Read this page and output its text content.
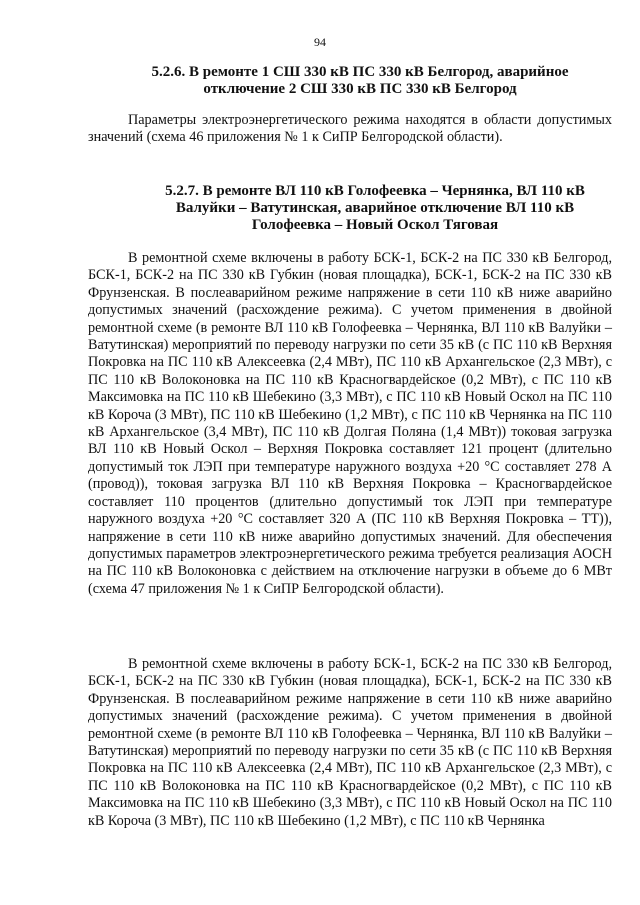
94
5.2.6. В ремонте 1 СШ 330 кВ ПС 330 кВ Белгород, аварийное отключение 2 СШ 330 кВ ПС 330 кВ Белгород

Параметры электроэнергетического режима находятся в области допустимых значений (схема 46 приложения № 1 к СиПР Белгородской области).

5.2.7. В ремонте ВЛ 110 кВ Голофеевка – Чернянка, ВЛ 110 кВ Валуйки – Ватутинская, аварийное отключение ВЛ 110 кВ Голофеевка – Новый Оскол Тяговая

В ремонтной схеме включены в работу БСК-1, БСК-2 на ПС 330 кВ Белгород, БСК-1, БСК-2 на ПС 330 кВ Губкин (новая площадка), БСК-1, БСК-2 на ПС 330 кВ Фрунзенская. В послеаварийном режиме напряжение в сети 110 кВ ниже аварийно допустимых значений (расхождение режима). С учетом применения в двойной ремонтной схеме (в ремонте ВЛ 110 кВ Голофеевка – Чернянка, ВЛ 110 кВ Валуйки – Ватутинская) мероприятий по переводу нагрузки по сети 35 кВ (с ПС 110 кВ Верхняя Покровка на ПС 110 кВ Алексеевка (2,4 МВт), ПС 110 кВ Архангельское (2,3 МВт), с ПС 110 кВ Волоконовка на ПС 110 кВ Красногвардейское (0,2 МВт), с ПС 110 кВ Максимовка на ПС 110 кВ Шебекино (3,3 МВт), с ПС 110 кВ Новый Оскол на ПС 110 кВ Короча (3 МВт), ПС 110 кВ Шебекино (1,2 МВт), с ПС 110 кВ Чернянка на ПС 110 кВ Архангельское (3,4 МВт), ПС 110 кВ Долгая Поляна (1,4 МВт)) токовая загрузка ВЛ 110 кВ Новый Оскол – Верхняя Покровка составляет 121 процент (длительно допустимый ток ЛЭП при температуре наружного воздуха +20 °С составляет 278 А (провод)), токовая загрузка ВЛ 110 кВ Верхняя Покровка – Красногвардейское составляет 110 процентов (длительно допустимый ток ЛЭП при температуре наружного воздуха +20 °С составляет 320 А (ПС 110 кВ Верхняя Покровка – ТТ)), напряжение в сети 110 кВ ниже аварийно допустимых значений. Для обеспечения допустимых параметров электроэнергетического режима требуется реализация АОСН на ПС 110 кВ Волоконовка с действием на отключение нагрузки в объеме до 6 МВт (схема 47 приложения № 1 к СиПР Белгородской области).

В ремонтной схеме включены в работу БСК-1, БСК-2 на ПС 330 кВ Белгород, БСК-1, БСК-2 на ПС 330 кВ Губкин (новая площадка), БСК-1, БСК-2 на ПС 330 кВ Фрунзенская. В послеаварийном режиме напряжение в сети 110 кВ ниже аварийно допустимых значений (расхождение режима). С учетом применения в двойной ремонтной схеме (в ремонте ВЛ 110 кВ Голофеевка – Чернянка, ВЛ 110 кВ Валуйки – Ватутинская) мероприятий по переводу нагрузки по сети 35 кВ (с ПС 110 кВ Верхняя Покровка на ПС 110 кВ Алексеевка (2,4 МВт), ПС 110 кВ Архангельское (2,3 МВт), с ПС 110 кВ Волоконовка на ПС 110 кВ Красногвардейское (0,2 МВт), с ПС 110 кВ Максимовка на ПС 110 кВ Шебекино (3,3 МВт), с ПС 110 кВ Новый Оскол на ПС 110 кВ Короча (3 МВт), ПС 110 кВ Шебекино (1,2 МВт), с ПС 110 кВ Чернянка
